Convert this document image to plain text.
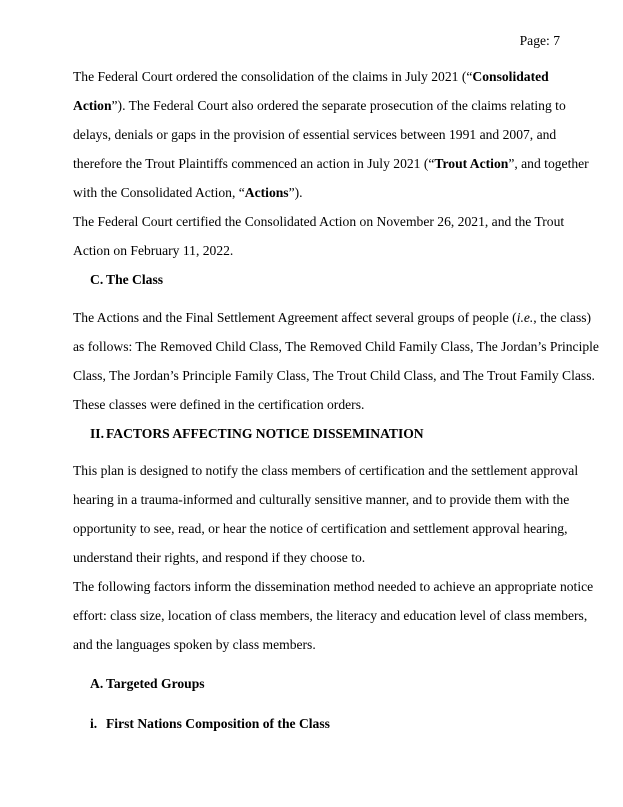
Page: 7
The Federal Court ordered the consolidation of the claims in July 2021 (“Consolidated
Action”). The Federal Court also ordered the separate prosecution of the claims relating to
delays, denials or gaps in the provision of essential services between 1991 and 2007, and
therefore the Trout Plaintiffs commenced an action in July 2021 (“Trout Action”, and together
with the Consolidated Action, “Actions”).
The Federal Court certified the Consolidated Action on November 26, 2021, and the Trout
Action on February 11, 2022.
C. The Class
The Actions and the Final Settlement Agreement affect several groups of people (i.e., the class)
as follows: The Removed Child Class, The Removed Child Family Class, The Jordan’s Principle
Class, The Jordan’s Principle Family Class, The Trout Child Class, and The Trout Family Class.
These classes were defined in the certification orders.
II. FACTORS AFFECTING NOTICE DISSEMINATION
This plan is designed to notify the class members of certification and the settlement approval
hearing in a trauma-informed and culturally sensitive manner, and to provide them with the
opportunity to see, read, or hear the notice of certification and settlement approval hearing,
understand their rights, and respond if they choose to.
The following factors inform the dissemination method needed to achieve an appropriate notice
effort: class size, location of class members, the literacy and education level of class members,
and the languages spoken by class members.
A. Targeted Groups
i. First Nations Composition of the Class
